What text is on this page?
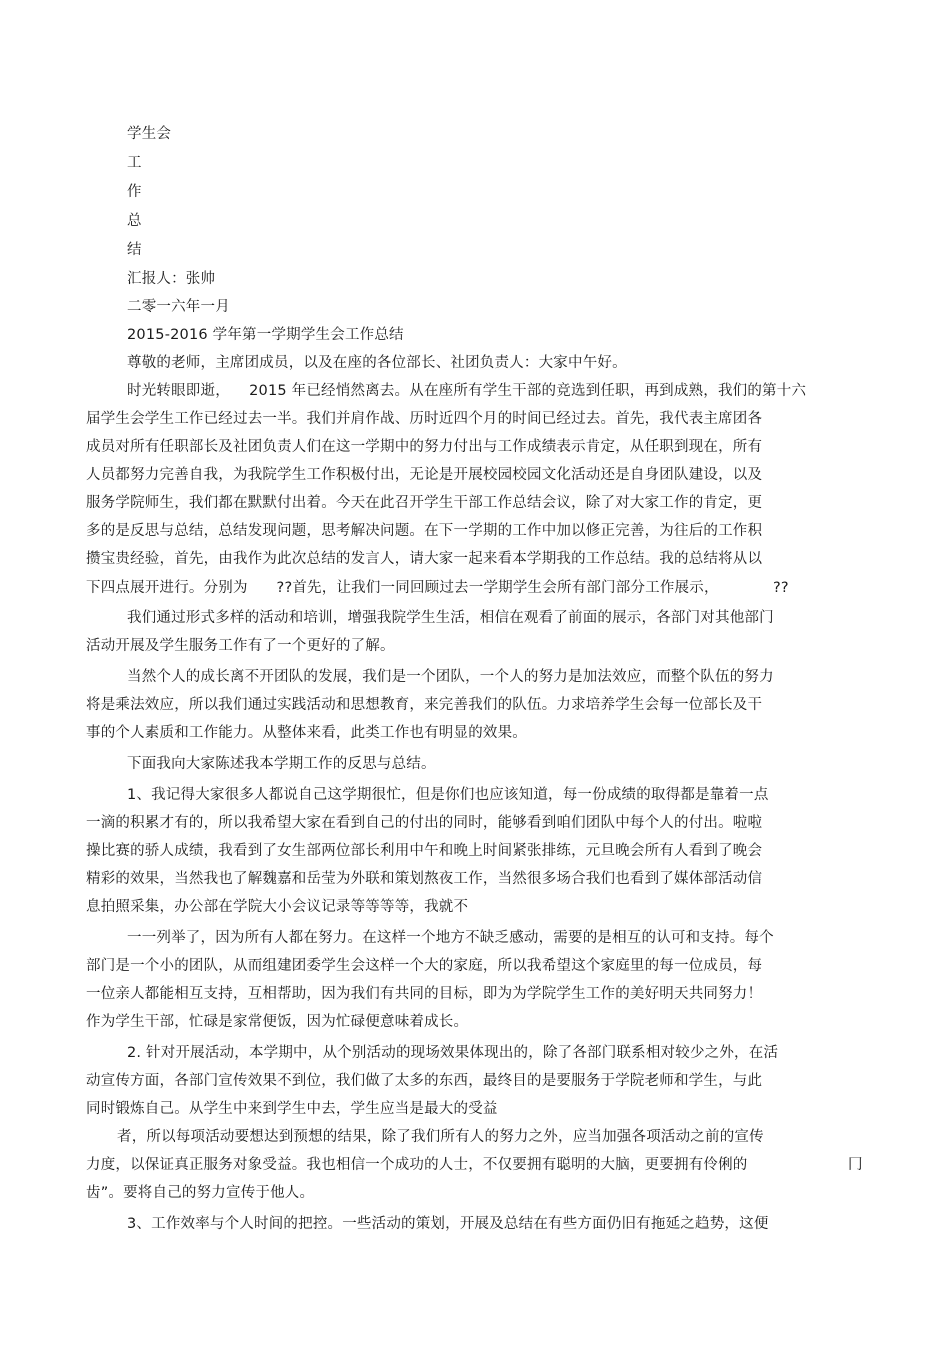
学生会
工
作
总
结
汇报人：张帅
二零一六年一月
2015-2016 学年第一学期学生会工作总结
尊敬的老师，主席团成员，以及在座的各位部长、社团负责人：大家中午好。
时光转眼即逝，    2015 年已经悄然离去。从在座所有学生干部的竞选到任职，再到成熟，我们的第十六
届学生会学生工作已经过去一半。我们并肩作战、历时近四个月的时间已经过去。首先，我代表主席团各
成员对所有任职部长及社团负责人们在这一学期中的努力付出与工作成绩表示肯定，从任职到现在，所有
人员都努力完善自我，为我院学生工作积极付出，无论是开展校园校园文化活动还是自身团队建设，以及
服务学院师生，我们都在默默付出着。今天在此召开学生干部工作总结会议，除了对大家工作的肯定，更
多的是反思与总结，总结发现问题，思考解决问题。在下一学期的工作中加以修正完善，为往后的工作积
攒宝贵经验，首先，由我作为此次总结的发言人，请大家一起来看本学期我的工作总结。我的总结将从以
下四点展开进行。分别为      ??首先，让我们一同回顾过去一学期学生会所有部门部分工作展示，	??
我们通过形式多样的活动和培训，增强我院学生生活，相信在观看了前面的展示，各部门对其他部门
活动开展及学生服务工作有了一个更好的了解。
当然个人的成长离不开团队的发展，我们是一个团队，一个人的努力是加法效应，而整个队伍的努力
将是乘法效应，所以我们通过实践活动和思想教育，来完善我们的队伍。力求培养学生会每一位部长及干
事的个人素质和工作能力。从整体来看，此类工作也有明显的效果。
下面我向大家陈述我本学期工作的反思与总结。
1、我记得大家很多人都说自己这学期很忙，但是你们也应该知道，每一份成绩的取得都是靠着一点
一滴的积累才有的，所以我希望大家在看到自己的付出的同时，能够看到咱们团队中每个人的付出。啦啦
操比赛的骄人成绩，我看到了女生部两位部长利用中午和晚上时间紧张排练，元旦晚会所有人看到了晚会
精彩的效果，当然我也了解魏嘉和岳莹为外联和策划熬夜工作，当然很多场合我们也看到了媒体部活动信
息拍照采集，办公部在学院大小会议记录等等等等，我就不
一一列举了，因为所有人都在努力。在这样一个地方不缺乏感动，需要的是相互的认可和支持。每个
部门是一个小的团队，从而组建团委学生会这样一个大的家庭，所以我希望这个家庭里的每一位成员，每
一位亲人都能相互支持，互相帮助，因为我们有共同的目标，即为为学院学生工作的美好明天共同努力！
作为学生干部，忙碌是家常便饭，因为忙碌便意味着成长。
2. 针对开展活动，本学期中，从个别活动的现场效果体现出的，除了各部门联系相对较少之外，在活
动宣传方面，各部门宣传效果不到位，我们做了太多的东西，最终目的是要服务于学院老师和学生，与此
同时锻炼自己。从学生中来到学生中去，学生应当是最大的受益
者，所以每项活动要想达到预想的结果，除了我们所有人的努力之外，应当加强各项活动之前的宣传
力度，以保证真正服务对象受益。我也相信一个成功的人士，不仅要拥有聪明的大脑，更要拥有伶俐的	冂
齿”。要将自己的努力宣传于他人。
3、工作效率与个人时间的把控。一些活动的策划，开展及总结在有些方面仍旧有拖延之趋势，这便
